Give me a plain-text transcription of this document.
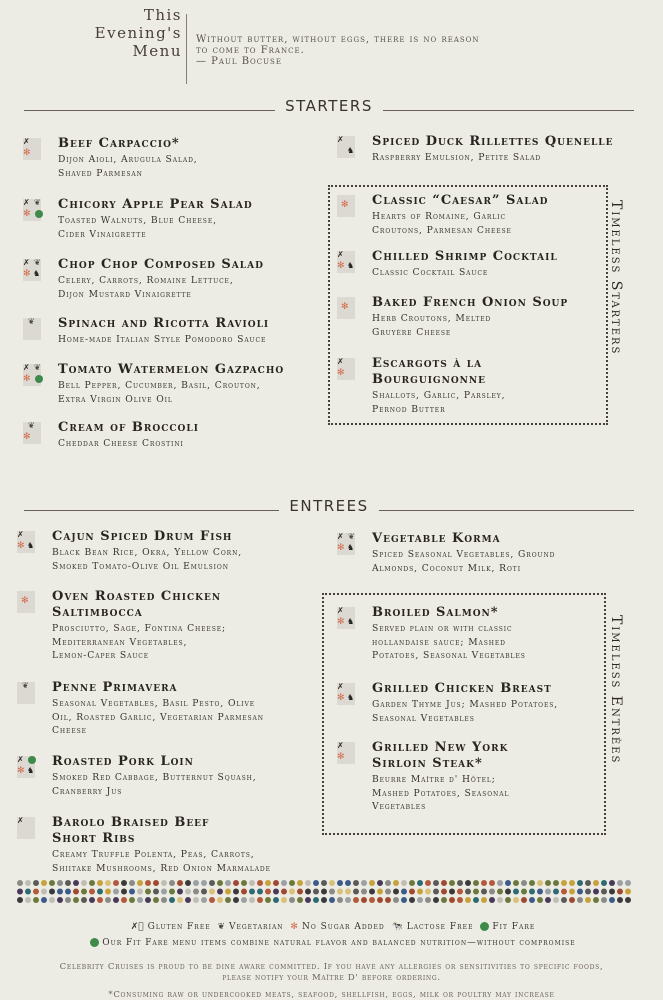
This
Evening's
Menu
Without butter, without eggs, there is no reason
to come to France.
— Paul Bocuse
STARTERS
✗
✻
Beef Carpaccio*
Dijon Aioli, Arugula Salad,
Shaved Parmesan
✗ ❦
✻
Chicory Apple Pear Salad
Toasted Walnuts, Blue Cheese,
Cider Vinaigrette
✗ ❦
✻ ♞
Chop Chop Composed Salad
Celery, Carrots, Romaine Lettuce,
Dijon Mustard Vinaigrette
❦ Spinach and Ricotta Ravioli
Home-made Italian Style Pomodoro Sauce
✗ ❦
✻
Tomato Watermelon Gazpacho
Bell Pepper, Cucumber, Basil, Crouton,
Extra Virgin Olive Oil
❦
✻
Cream of Broccoli
Cheddar Cheese Crostini
✗
♞
Spiced Duck Rillettes Quenelle
Raspberry Emulsion, Petite Salad
✻ Classic “Caesar” Salad
Hearts of Romaine, Garlic
Croutons, Parmesan Cheese
✗
✻ ♞
Chilled Shrimp Cocktail
Classic Cocktail Sauce
✻ Baked French Onion Soup
Herb Croutons, Melted
Gruyère Cheese
✗
✻
Escargots à la
Bourguignonne
Shallots, Garlic, Parsley,
Pernod Butter
Timeless Starters
ENTREES
✗
✻ ♞
Cajun Spiced Drum Fish
Black Bean Rice, Okra, Yellow Corn,
Smoked Tomato-Olive Oil Emulsion
✻ Oven Roasted Chicken
Saltimbocca
Prosciutto, Sage, Fontina Cheese;
Mediterranean Vegetables,
Lemon-Caper Sauce
❦ Penne Primavera
Seasonal Vegetables, Basil Pesto, Olive
Oil, Roasted Garlic, Vegetarian Parmesan
Cheese
✗
✻ ♞
Roasted Pork Loin
Smoked Red Cabbage, Butternut Squash,
Cranberry Jus
✗ Barolo Braised Beef
Short Ribs
Creamy Truffle Polenta, Peas, Carrots,
Shiitake Mushrooms, Red Onion Marmalade
✗ ❦
✻ ♞
Vegetable Korma
Spiced Seasonal Vegetables, Ground
Almonds, Coconut Milk, Roti
✗
✻ ♞
Broiled Salmon*
Served plain or with classic
hollandaise sauce; Mashed
Potatoes, Seasonal Vegetables
✗
✻ ♞
Grilled Chicken Breast
Garden Thyme Jus; Mashed Potatoes,
Seasonal Vegetables
✗
✻
Grilled New York
Sirloin Steak*
Beurre Maître d' Hôtel;
Mashed Potatoes, Seasonal
Vegetables
Timeless Entrèes
✗ͤ Gluten Free ❦ Vegetarian ✻ No Sugar Added 🐄 Lactose Free Fit Fare
Our Fit Fare menu items combine natural flavor and balanced nutrition—without compromise
Celebrity Cruises is proud to be dine aware committed. If you have any allergies or sensitivities to specific foods,
please notify your Maître D' before ordering.
*Consuming raw or undercooked meats, seafood, shellfish, eggs, milk or poultry may increase
